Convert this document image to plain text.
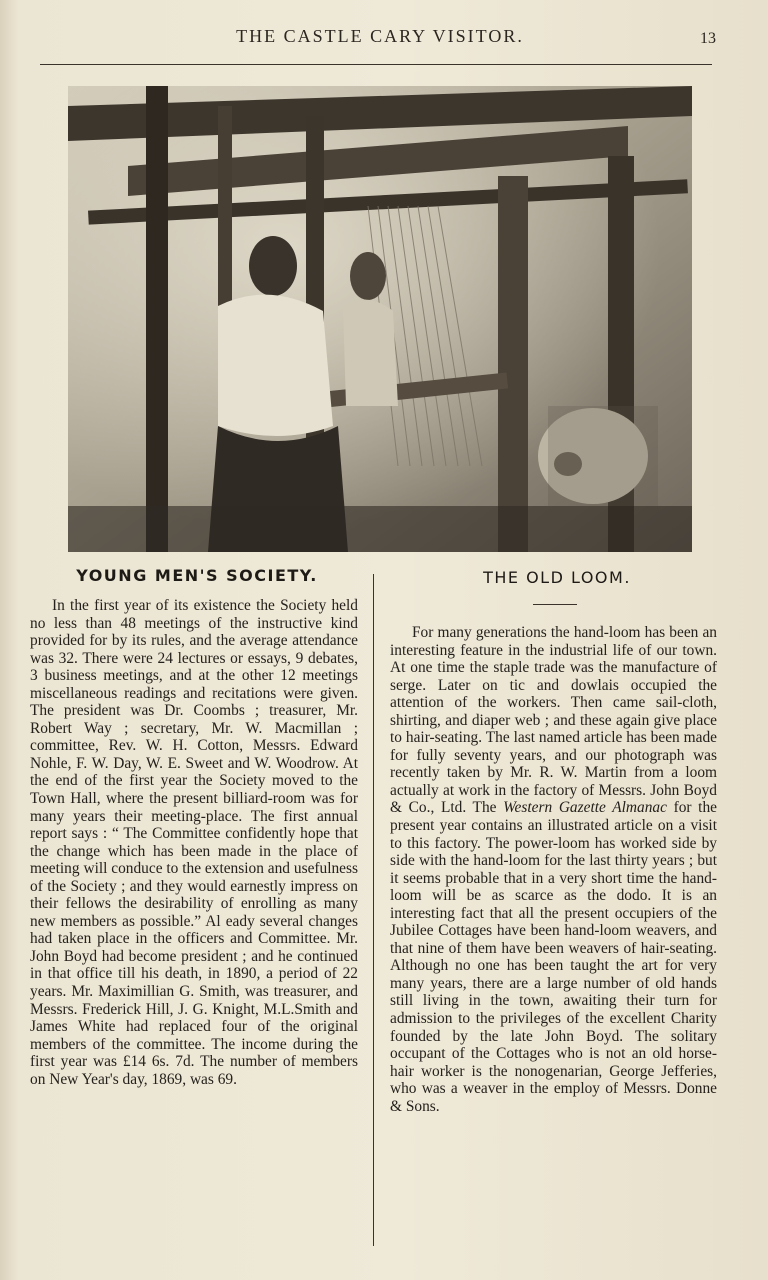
THE CASTLE CARY VISITOR.	13
YOUNG MEN'S SOCIETY.	THE OLD LOOM.
In the first year of its existence the Society held no less than 48 meetings of the instructive kind provided for by its rules, and the average attendance was 32. There were 24 lectures or essays, 9 debates, 3 business meetings, and at the other 12 meetings miscellaneous readings and recitations were given. The president was Dr. Coombs ; treasurer, Mr. Robert Way ; secretary, Mr. W. Macmillan ; committee, Rev. W. H. Cotton, Messrs. Edward Nohle, F. W. Day, W. E. Sweet and W. Woodrow. At the end of the first year the Society moved to the Town Hall, where the present billiard-room was for many years their meeting-place. The first annual report says : “ The Committee confidently hope that the change which has been made in the place of meeting will conduce to the extension and usefulness of the Society ; and they would earnestly impress on their fellows the desirability of enrolling as many new members as possible.” Al eady several changes had taken place in the officers and Committee. Mr. John Boyd had become president ; and he continued in that office till his death, in 1890, a period of 22 years. Mr. Maximillian G. Smith, was treasurer, and Messrs. Frederick Hill, J. G. Knight, M.L.Smith and James White had replaced four of the original members of the committee. The income during the first year was £14 6s. 7d. The number of members on New Year's day, 1869, was 69.
For many generations the hand-loom has been an interesting feature in the industrial life of our town. At one time the staple trade was the manufacture of serge. Later on tic and dowlais occupied the attention of the workers. Then came sail-cloth, shirting, and diaper web ; and these again give place to hair-seating. The last named article has been made for fully seventy years, and our photograph was recently taken by Mr. R. W. Martin from a loom actually at work in the factory of Messrs. John Boyd & Co., Ltd. The Western Gazette Almanac for the present year contains an illustrated article on a visit to this factory. The power-loom has worked side by side with the hand-loom for the last thirty years ; but it seems probable that in a very short time the hand-loom will be as scarce as the dodo. It is an interesting fact that all the present occupiers of the Jubilee Cottages have been hand-loom weavers, and that nine of them have been weavers of hair-seating. Although no one has been taught the art for very many years, there are a large number of old hands still living in the town, awaiting their turn for admission to the privileges of the excellent Charity founded by the late John Boyd. The solitary occupant of the Cottages who is not an old horse-hair worker is the nonogenarian, George Jefferies, who was a weaver in the employ of Messrs. Donne & Sons.
